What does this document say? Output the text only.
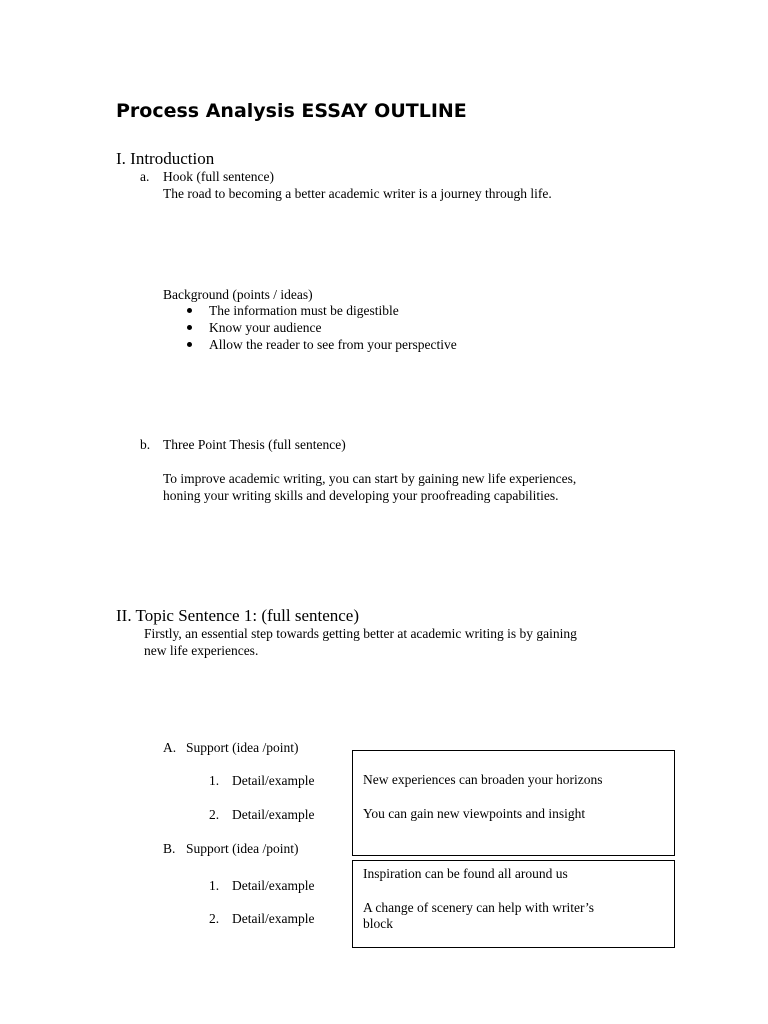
Process Analysis ESSAY OUTLINE
I. Introduction
a. Hook (full sentence)
The road to becoming a better academic writer is a journey through life.
Background (points / ideas)
The information must be digestible
Know your audience
Allow the reader to see from your perspective
b. Three Point Thesis (full sentence)
To improve academic writing, you can start by gaining new life experiences,
honing your writing skills and developing your proofreading capabilities.
II. Topic Sentence 1: (full sentence)
Firstly, an essential step towards getting better at academic writing is by gaining
new life experiences.
A. Support (idea /point)
1. Detail/example
2. Detail/example
New experiences can broaden your horizons
You can gain new viewpoints and insight
B. Support (idea /point)
1. Detail/example
2. Detail/example
Inspiration can be found all around us
A change of scenery can help with writer’s
block
